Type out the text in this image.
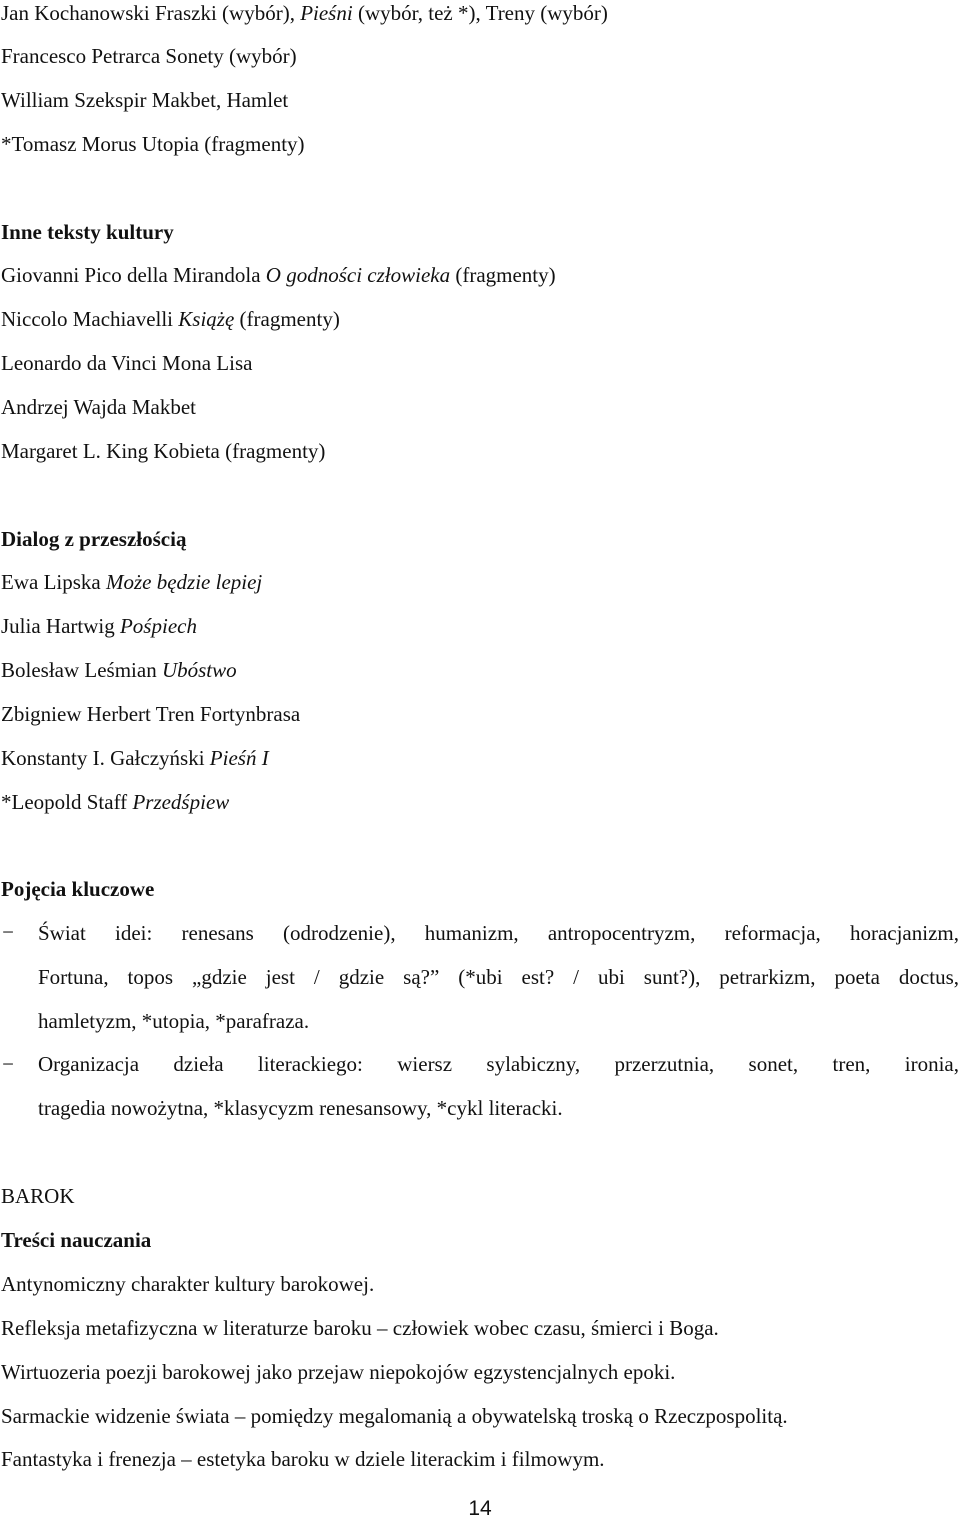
Jan Kochanowski Fraszki (wybór), Pieśni (wybór, też *), Treny (wybór)
Francesco Petrarca Sonety (wybór)
William Szekspir Makbet, Hamlet
*Tomasz Morus Utopia (fragmenty)
Inne teksty kultury
Giovanni Pico della Mirandola O godności człowieka (fragmenty)
Niccolo Machiavelli Książę (fragmenty)
Leonardo da Vinci Mona Lisa
Andrzej Wajda Makbet
Margaret L. King Kobieta (fragmenty)
Dialog z przeszłością
Ewa Lipska Może będzie lepiej
Julia Hartwig Pośpiech
Bolesław Leśmian Ubóstwo
Zbigniew Herbert Tren Fortynbrasa
Konstanty I. Gałczyński Pieśń I
*Leopold Staff Przedśpiew
Pojęcia kluczowe
− Świat idei: renesans (odrodzenie), humanizm, antropocentryzm, reformacja, horacjanizm,
Fortuna, topos „gdzie jest / gdzie są?” (*ubi est? / ubi sunt?), petrarkizm, poeta doctus,
hamletyzm, *utopia, *parafraza.
− Organizacja dzieła literackiego: wiersz sylabiczny, przerzutnia, sonet, tren, ironia,
tragedia nowożytna, *klasycyzm renesansowy, *cykl literacki.
BAROK
Treści nauczania
Antynomiczny charakter kultury barokowej.
Refleksja metafizyczna w literaturze baroku – człowiek wobec czasu, śmierci i Boga.
Wirtuozeria poezji barokowej jako przejaw niepokojów egzystencjalnych epoki.
Sarmackie widzenie świata – pomiędzy megalomanią a obywatelską troską o Rzeczpospolitą.
Fantastyka i frenezja – estetyka baroku w dziele literackim i filmowym.
14
